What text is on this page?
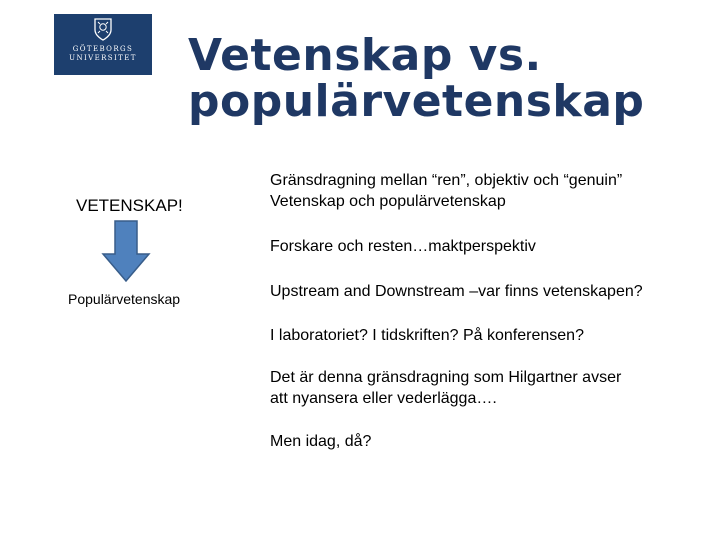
GÖTEBORGS
UNIVERSITET Vetenskap vs.
populärvetenskap
VETENSKAP!
Populärvetenskap
Gränsdragning mellan “ren”, objektiv och “genuin”
Vetenskap och populärvetenskap
Forskare och resten…maktperspektiv
Upstream and Downstream –var finns vetenskapen?
I laboratoriet? I tidskriften? På konferensen?
Det är denna gränsdragning som Hilgartner avser
att nyansera eller vederlägga….
Men idag, då?
